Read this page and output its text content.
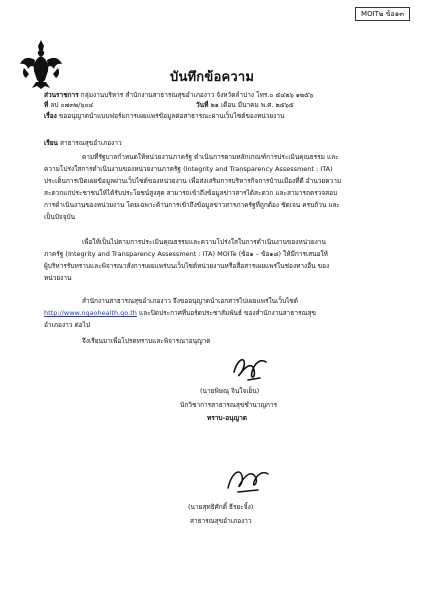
MOIT๒ ข้อ๑๓
บันทึกข้อความ
ส่วนราชการ กลุ่มงานบริหาร สำนักงานสาธารณสุขอำเภองาว จังหวัดลำปาง โทร.๐ ๕๔๒๖ ๑๒๕๖
ที่ ลป ๐๗๓๒/๖๐๔	วันที่ ๒๑ เดือน มีนาคม พ.ศ. ๒๕๖๕
เรื่อง ขออนุญาตนำแบบฟอร์มการเผยแพร่ข้อมูลต่อสาธารณะผ่านเว็บไซต์ของหน่วยงาน
เรียน สาธารณสุขอำเภองาว
ตามที่รัฐบาลกำหนดให้หน่วยงานภาครัฐ ดำเนินการตามหลักเกณฑ์การประเมินคุณธรรม และ
ความโปร่งใสการดำเนินงานของหน่วยงานภาครัฐ (Integrity and Transparency Assessment : ITA)
ประเด็นการเปิดเผยข้อมูลผ่านเว็บไซต์ของหน่วยงาน เพื่อส่งเสริมการบริหารกิจการบ้านเมืองที่ดี อำนวยความ
สะดวกแก่ประชาชนให้ได้รับประโยชน์สูงสุด สามารถเข้าถึงข้อมูลข่าวสารได้สะดวก และสามารถตรวจสอบ
การดำเนินงานของหน่วยงาน โดยเฉพาะด้านการเข้าถึงข้อมูลข่าวสารภาครัฐที่ถูกต้อง ชัดเจน ครบถ้วน และ
เป็นปัจจุบัน
เพื่อให้เป็นไปตามการประเมินคุณธรรมและความโปร่งใสในการดำเนินงานของหน่วยงาน
ภาครัฐ (Integrity and Transparency Assessment : ITA) MOITe (ข้อ๑ – ข้อ๑๘) ให้มีการเสนอให้
ผู้บริหารรับทราบและพิจารณาสั่งการเผยแพร่บนเว็บไซต์หน่วยงานหรือสื่อสารเผยแพร่ในช่องทางอื่น ของ
หน่วยงาน
สำนักงานสาธารณสุขอำเภองาว จึงขออนุญาตนำเอกสารไปเผยแพร่ในเว็บไซต์
http://www.ngaohealth.go.th และปิดประกาศที่บอร์ดประชาสัมพันธ์ ของสำนักงานสาธารณสุข
อำเภองาว ต่อไป
จึงเรียนมาเพื่อโปรดทราบและพิจารณาอนุญาต
(นายพิษณุ จินใจเย็น)
นักวิชาการสาธารณสุขชำนาญการ
ทราบ-อนุญาต
(นายสุทธิศักดิ์ ธีรยะจิ้ง)
สาธารณสุขอำเภองาว
